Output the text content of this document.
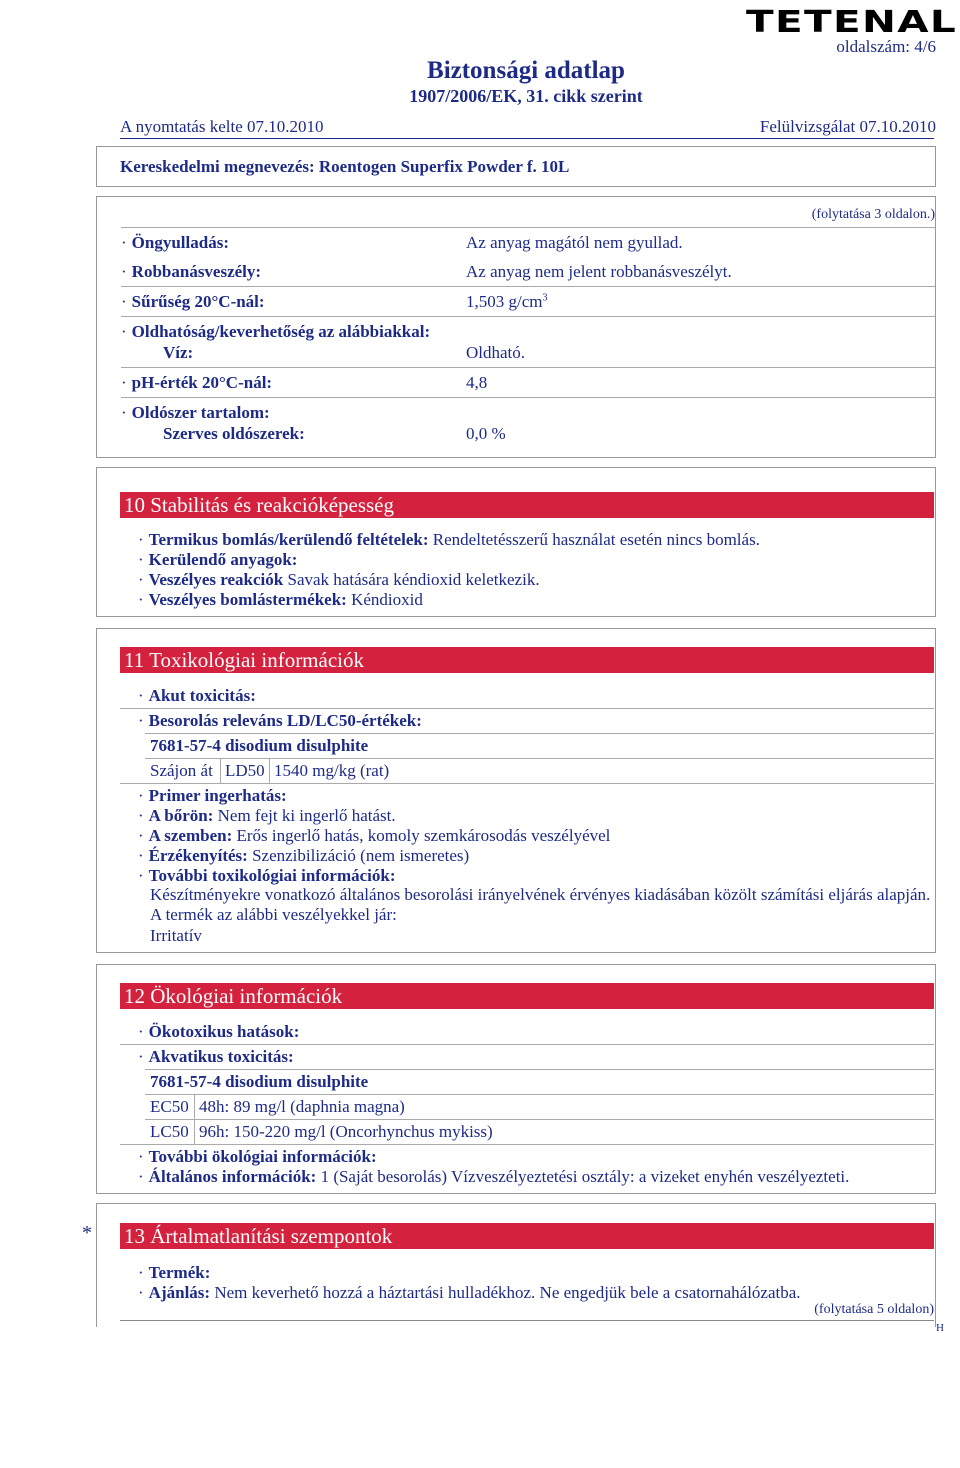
TETENAL
oldalszám: 4/6
Biztonsági adatlap
1907/2006/EK, 31. cikk szerint
A nyomtatás kelte 07.10.2010	Felülvizsgálat 07.10.2010
Kereskedelmi megnevezés: Roentogen Superfix Powder f. 10L
(folytatása 3 oldalon.)
· Öngyulladás:	Az anyag magától nem gyullad.
· Robbanásveszély:	Az anyag nem jelent robbanásveszélyt.
· Sűrűség 20°C-nál:	1,503 $g/cm^3$
· Oldhatóság/keverhetőség az alábbiakkal:
Víz:	Oldható.
· pH-érték 20°C-nál:	4,8
· Oldószer tartalom:
Szerves oldószerek:	0,0 %
10 Stabilitás és reakcióképesség
· Termikus bomlás/kerülendő feltételek: Rendeltetésszerű használat esetén nincs bomlás.
· Kerülendő anyagok:
· Veszélyes reakciók Savak hatására kéndioxid keletkezik.
· Veszélyes bomlástermékek: Kéndioxid
11 Toxikológiai információk
· Akut toxicitás:
· Besorolás releváns LD/LC50-értékek:
7681-57-4 disodium disulphite
Szájon át LD50 1540 mg/kg (rat)
· Primer ingerhatás:
· A bőrön: Nem fejt ki ingerlő hatást.
· A szemben: Erős ingerlő hatás, komoly szemkárosodás veszélyével
· Érzékenyítés: Szenzibilizáció (nem ismeretes)
· További toxikológiai információk:
Készítményekre vonatkozó általános besorolási irányelvének érvényes kiadásában közölt számítási eljárás alapján. A termék az alábbi veszélyekkel jár:
Irritatív
12 Ökológiai információk
· Ökotoxikus hatások:
· Akvatikus toxicitás:
7681-57-4 disodium disulphite
EC50 48h: 89 mg/l (daphnia magna)
LC50 96h: 150-220 mg/l (Oncorhynchus mykiss)
· További ökológiai információk:
· Általános információk: 1 (Saját besorolás) Vízveszélyeztetési osztály: a vizeket enyhén veszélyezteti.
* 13 Ártalmatlanítási szempontok
· Termék:
· Ajánlás: Nem keverhető hozzá a háztartási hulladékhoz. Ne engedjük bele a csatornahálózatba.
(folytatása 5 oldalon)
H
